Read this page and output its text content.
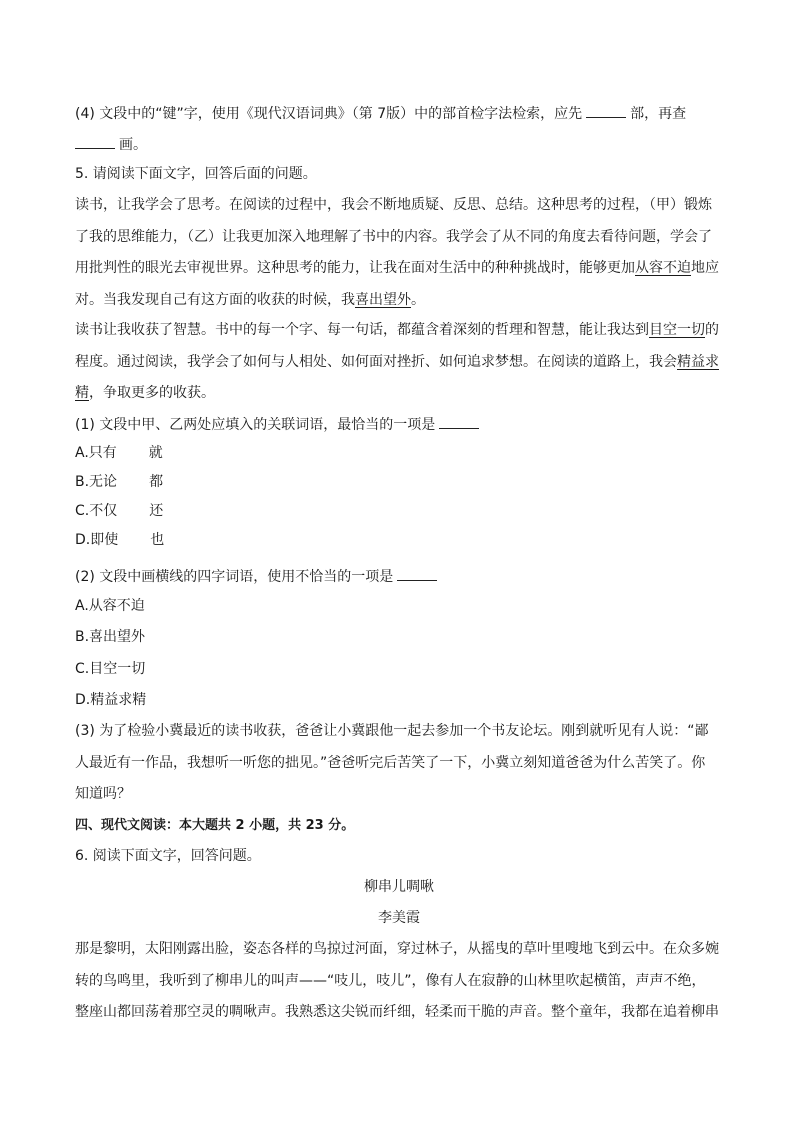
(4) 文段中的“键”字，使用《现代汉语词典》（第 7版）中的部首检字法检索，应先	部，再查
画。
5. 请阅读下面文字，回答后面的问题。
读书，让我学会了思考。在阅读的过程中，我会不断地质疑、反思、总结。这种思考的过程，（甲）锻炼
了我的思维能力，（乙）让我更加深入地理解了书中的内容。我学会了从不同的角度去看待问题，学会了
用批判性的眼光去审视世界。这种思考的能力，让我在面对生活中的种种挑战时，能够更加从容不迫地应
对。当我发现自己有这方面的收获的时候，我喜出望外。
读书让我收获了智慧。书中的每一个字、每一句话，都蕴含着深刻的哲理和智慧，能让我达到目空一切的
程度。通过阅读，我学会了如何与人相处、如何面对挫折、如何追求梦想。在阅读的道路上，我会精益求
精，争取更多的收获。
(1) 文段中甲、乙两处应填入的关联词语，最恰当的一项是
A.只有 就
B.无论 都
C.不仅 还
D.即使 也
(2) 文段中画横线的四字词语，使用不恰当的一项是
A.从容不迫
B.喜出望外
C.目空一切
D.精益求精
(3) 为了检验小冀最近的读书收获，爸爸让小冀跟他一起去参加一个书友论坛。刚到就听见有人说：“鄙
人最近有一作品，我想听一听您的拙见。”爸爸听完后苦笑了一下，小冀立刻知道爸爸为什么苦笑了。你
知道吗？
四、现代文阅读：本大题共 2 小题，共 23 分。
6. 阅读下面文字，回答问题。
柳串儿啁啾
李美霞
那是黎明，太阳刚露出脸，姿态各样的鸟掠过河面，穿过林子，从摇曳的草叶里嗖地飞到云中。在众多婉
转的鸟鸣里，我听到了柳串儿的叫声——“吱儿，吱儿”，像有人在寂静的山林里吹起横笛，声声不绝，
整座山都回荡着那空灵的啁啾声。我熟悉这尖锐而纤细，轻柔而干脆的声音。整个童年，我都在追着柳串
